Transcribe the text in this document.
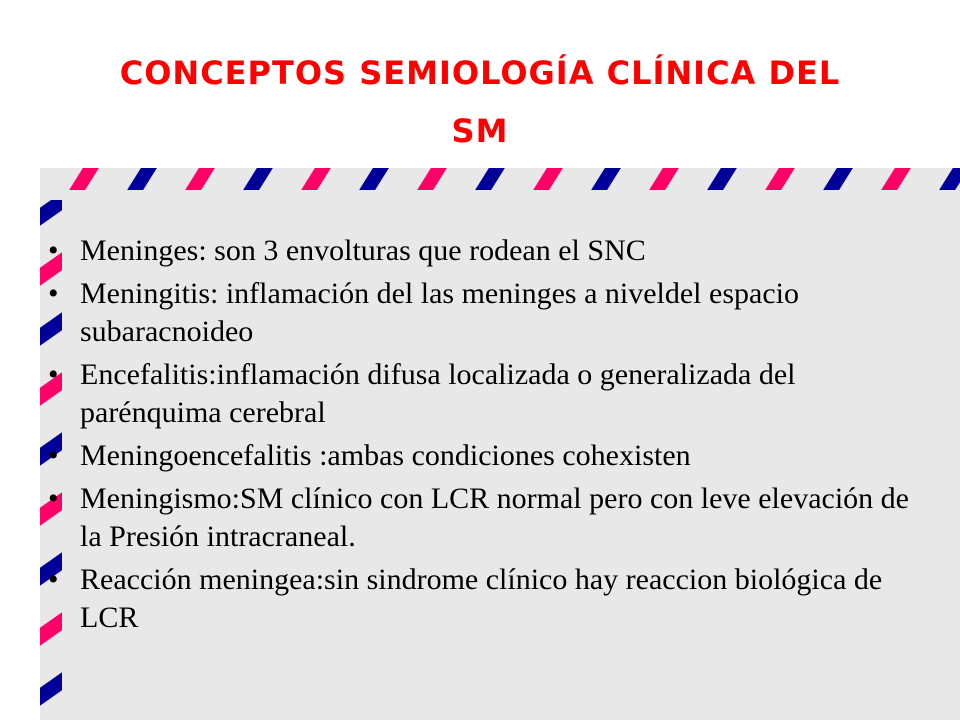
CONCEPTOS SEMIOLOGÍA CLÍNICA DEL
SM
• Meninges: son 3 envolturas que rodean el SNC
• Meningitis: inflamación del las meninges a niveldel espacio subaracnoideo
• Encefalitis:inflamación difusa localizada o generalizada del parénquima cerebral
• Meningoencefalitis :ambas condiciones cohexisten
• Meningismo:SM clínico con LCR normal pero con leve elevación de la Presión intracraneal.
• Reacción meningea:sin sindrome clínico hay reaccion biológica de LCR
